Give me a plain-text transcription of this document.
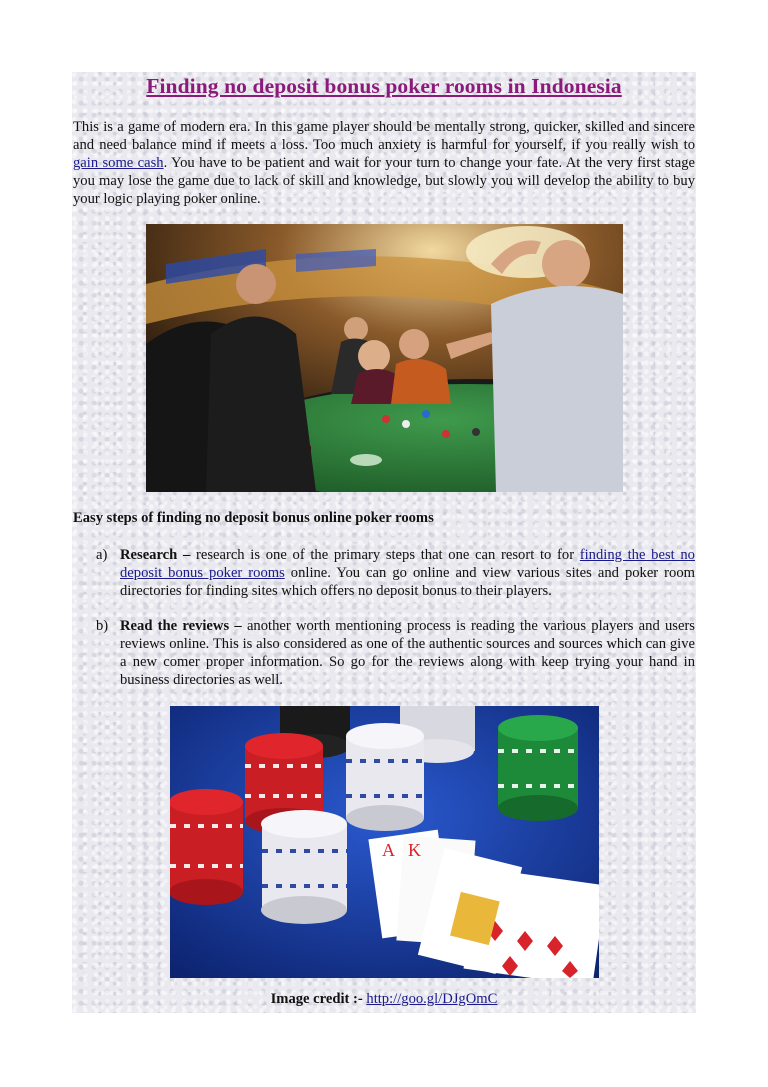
Finding no deposit bonus poker rooms in Indonesia

This is a game of modern era. In this game player should be mentally strong, quicker, skilled and sincere and need balance mind if meets a loss. Too much anxiety is harmful for yourself, if you really wish to gain some cash. You have to be patient and wait for your turn to change your fate. At the very first stage you may lose the game due to lack of skill and knowledge, but slowly you will develop the ability to buy your logic playing poker online.

Easy steps of finding no deposit bonus online poker rooms
a) Research – research is one of the primary steps that one can resort to for finding the best no deposit bonus poker rooms online. You can go online and view various sites and poker room directories for finding sites which offers no deposit bonus to their players.
b) Read the reviews – another worth mentioning process is reading the various players and users reviews online. This is also considered as one of the authentic sources and sources which can give a new comer proper information. So go for the reviews along with keep trying your hand in business directories as well.
A K
Image credit :- http://goo.gl/DJgOmC
